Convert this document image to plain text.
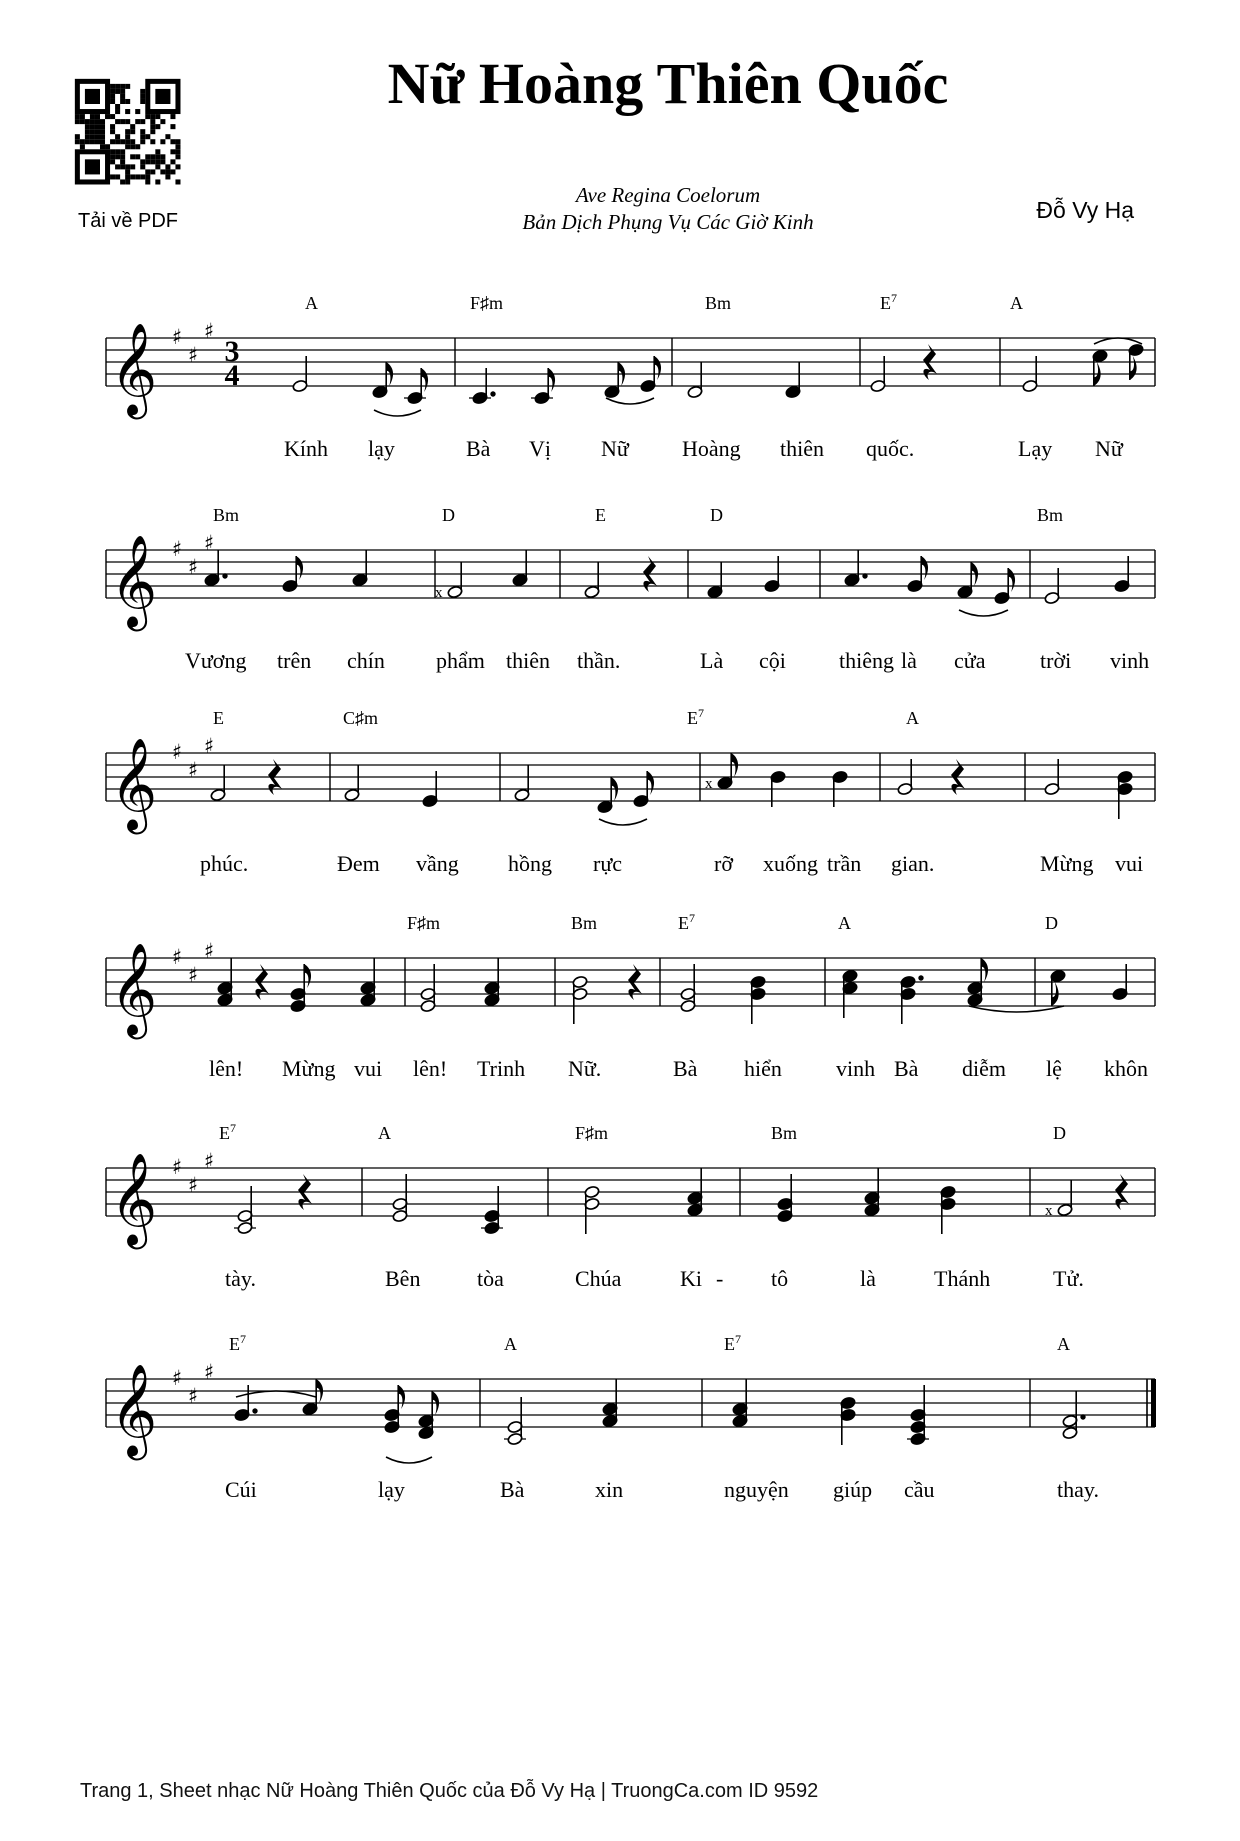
Tải về PDF
Nữ Hoàng Thiên Quốc
Ave Regina Coelorum
Bản Dịch Phụng Vụ Các Giờ Kinh	Đỗ Vy Hạ
𝄞 ♯
♯
♯
3
4
A	F♯m	Bm	$E^7$	A
Kính lạy	Bà Vị Nữ Hoàng thiên quốc.	Lạy Nữ
𝄞 ♯
♯
♯
x
Bm	D	E	D	Bm
Vương trên chín phẩm thiên thần.	Là cội thiêng là cửa trời vinh
𝄞 ♯
♯
♯
x
E	C♯m	$E^7$	A
phúc.	Đem vầng hồng rực	rỡ xuống trần gian.	Mừng vui
𝄞 ♯
♯
♯
F♯m	Bm	$E^7$	A	D
lên! Mừng vui lên! Trinh Nữ.	Bà hiển vinh Bà diễm lệ khôn
𝄞 ♯
♯
♯
x
$E^7$	A	F♯m	Bm	D
tày.	Bên	tòa	Chúa	Ki - tô	là	Thánh	Tử.
𝄞 ♯
♯
♯
$E^7$	A	$E^7$	A
Cúi	lạy	Bà	xin	nguyện giúp cầu	thay.
Trang 1, Sheet nhạc Nữ Hoàng Thiên Quốc của Đỗ Vy Hạ | TruongCa.com ID 9592
